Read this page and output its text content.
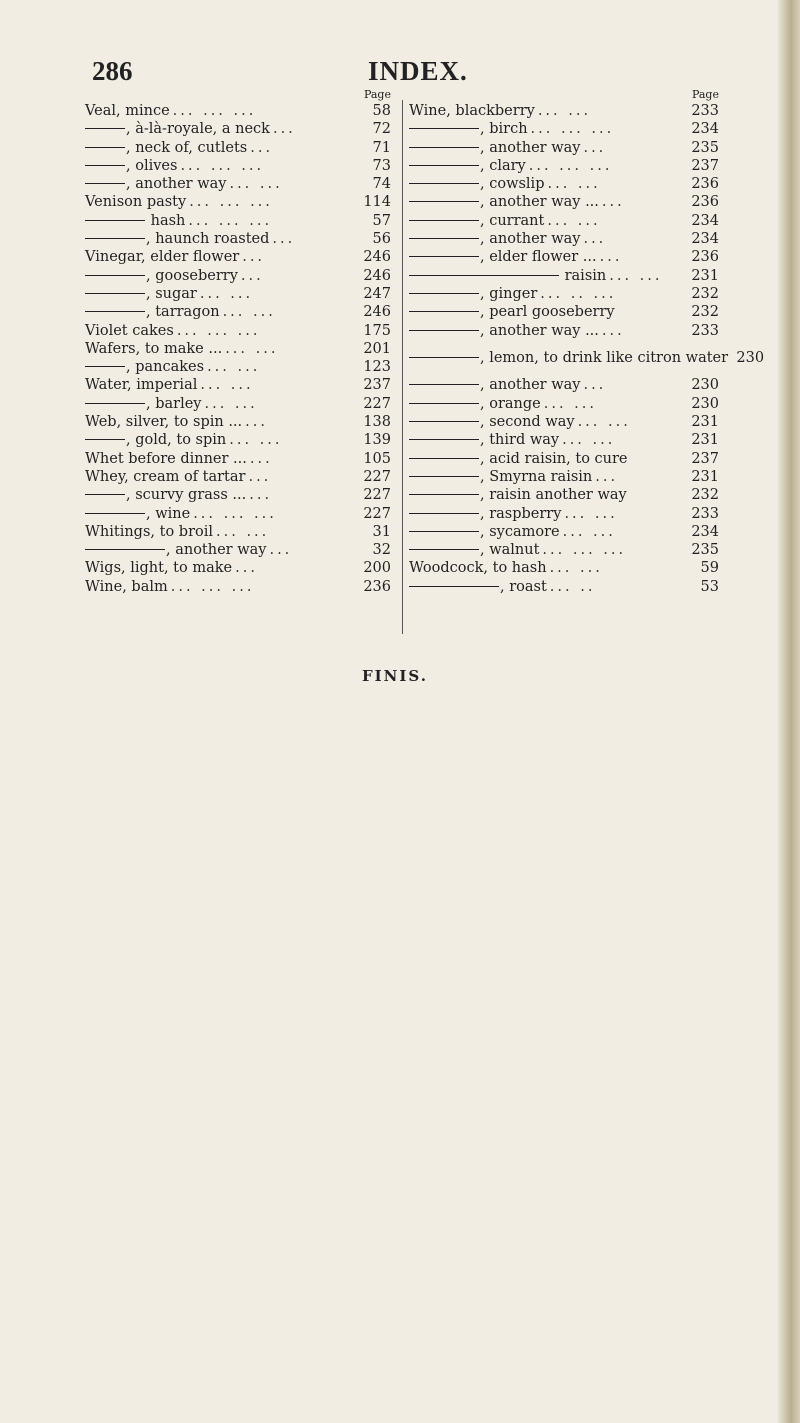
286	INDEX.
Page
Veal, mince ... ... ...	58
, à-là-royale, a neck ...	72
, neck of, cutlets ...	71
, olives ... ... ...	73
, another way ... ...	74
Venison pasty ... ... ...	114
hash ... ... ...	57
, haunch roasted ...	56
Vinegar, elder flower ...	246
, gooseberry ...	246
, sugar ... ...	247
, tarragon ... ...	246
Violet cakes ... ... ...	175
Wafers, to make ... ... ...	201
, pancakes ... ...	123
Water, imperial ... ...	237
, barley ... ...	227
Web, silver, to spin ... ...	138
, gold, to spin ... ...	139
Whet before dinner ... ...	105
Whey, cream of tartar ...	227
, scurvy grass ... ...	227
, wine ... ... ...	227
Whitings, to broil ... ...	31
, another way ...	32
Wigs, light, to make ...	200
Wine, balm ... ... ...	236
Page
Wine, blackberry ... ...	233
, birch ... ... ...	234
, another way ...	235
, clary ... ... ...	237
, cowslip ... ...	236
, another way ... ...	236
, currant ... ...	234
, another way ...	234
, elder flower ... ...	236
raisin ... ...	231
, ginger ... .. ...	232
, pearl gooseberry	232
, another way ... ...	233
, lemon, to drink like citron water 230
, another way ...	230
, orange ... ...	230
, second way ... ...	231
, third way ... ...	231
, acid raisin, to cure	237
, Smyrna raisin ...	231
, raisin another way	232
, raspberry ... ...	233
, sycamore ... ...	234
, walnut ... ... ...	235
Woodcock, to hash ... ...	59
, roast ... ..	53
FINIS.
